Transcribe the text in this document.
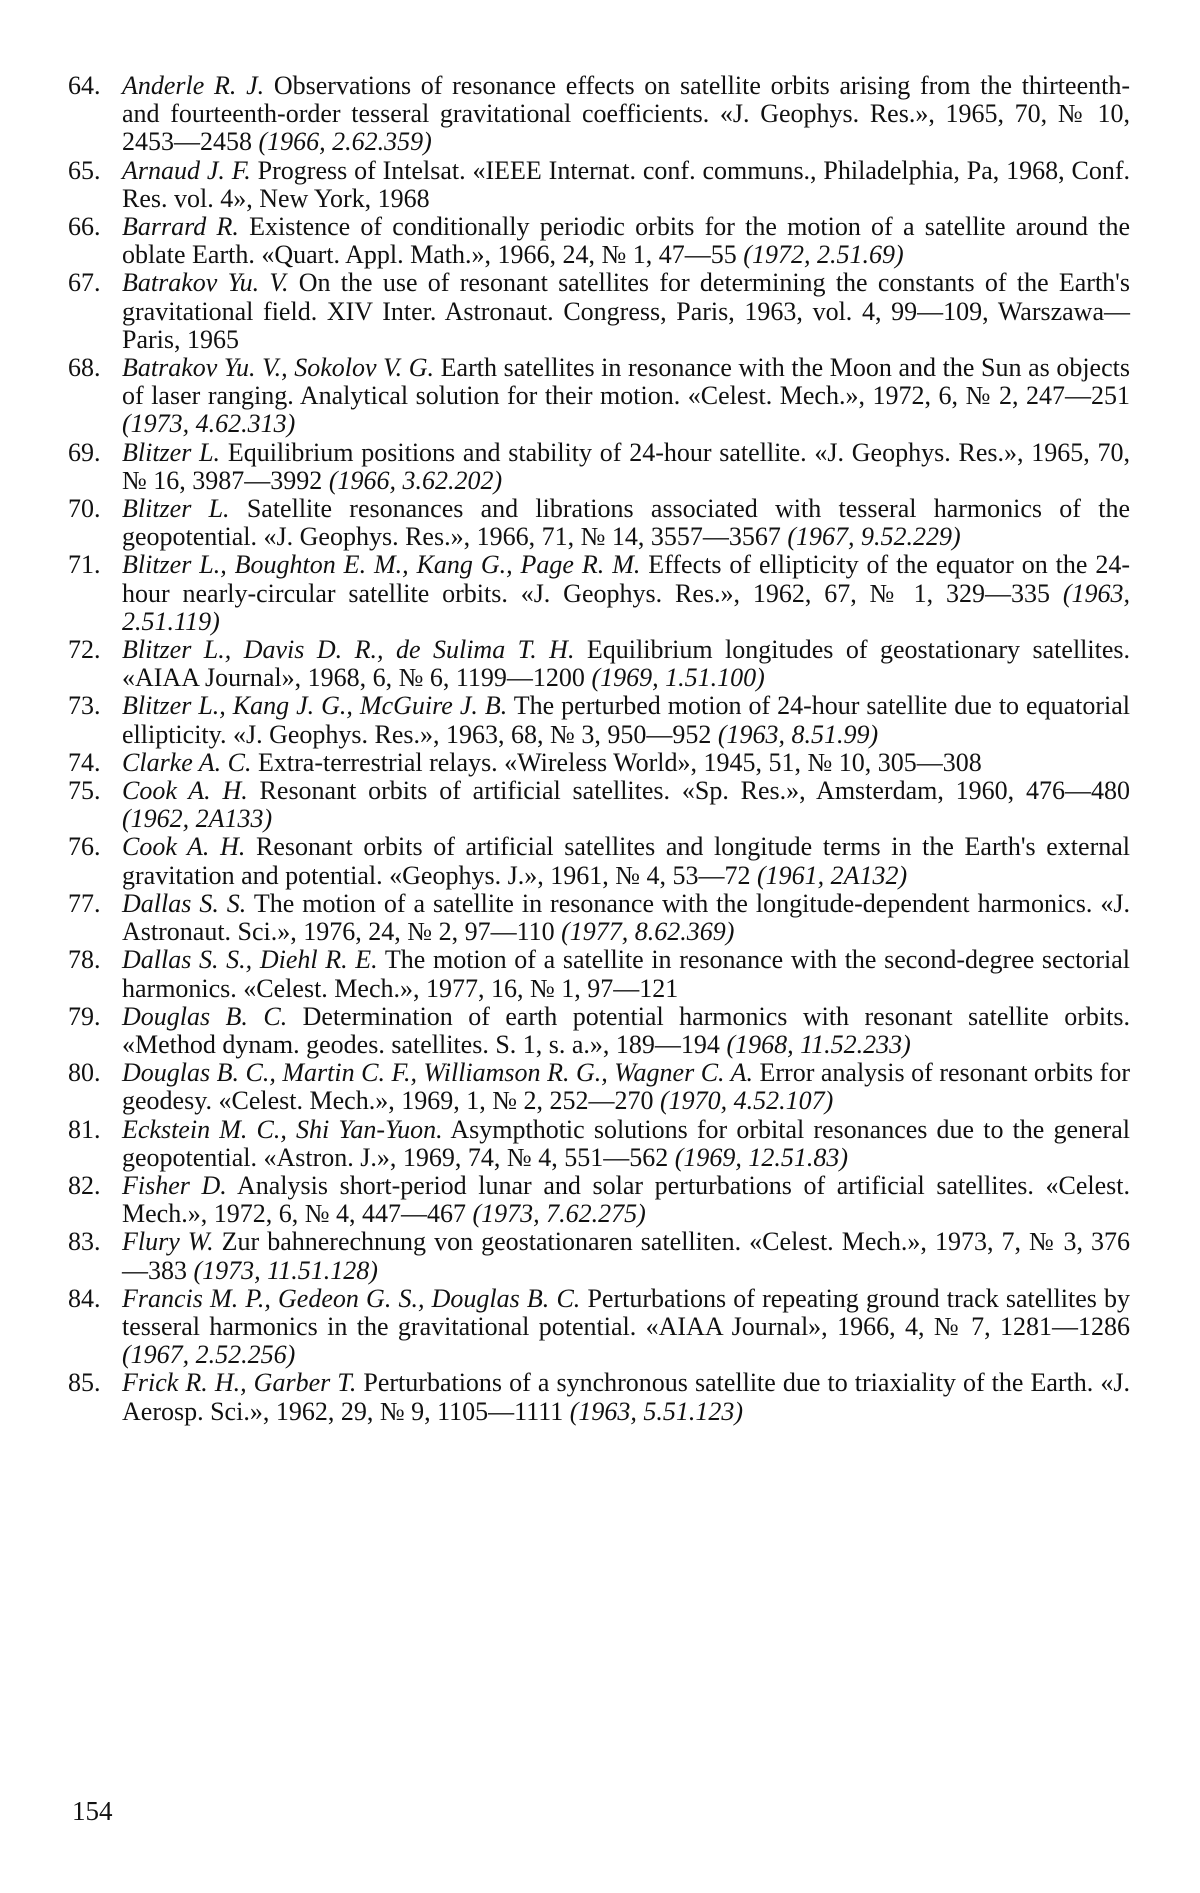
64. Anderle R. J. Observations of resonance effects on satellite orbits arising from the thirteenth- and fourteenth-order tesseral gravitational coefficients. «J. Geophys. Res.», 1965, 70, № 10, 2453—2458 (1966, 2.62.359)

65. Arnaud J. F. Progress of Intelsat. «IEEE Internat. conf. communs., Philadelphia, Pa, 1968, Conf. Res. vol. 4», New York, 1968

66. Barrard R. Existence of conditionally periodic orbits for the motion of a satellite around the oblate Earth. «Quart. Appl. Math.», 1966, 24, № 1, 47—55 (1972, 2.51.69)

67. Batrakov Yu. V. On the use of resonant satellites for determining the constants of the Earth's gravitational field. XIV Inter. Astronaut. Congress, Paris, 1963, vol. 4, 99—109, Warszawa—Paris, 1965

68. Batrakov Yu. V., Sokolov V. G. Earth satellites in resonance with the Moon and the Sun as objects of laser ranging. Analytical solution for their motion. «Celest. Mech.», 1972, 6, № 2, 247—251 (1973, 4.62.313)

69. Blitzer L. Equilibrium positions and stability of 24-hour satellite. «J. Geophys. Res.», 1965, 70, № 16, 3987—3992 (1966, 3.62.202)

70. Blitzer L. Satellite resonances and librations associated with tesseral harmonics of the geopotential. «J. Geophys. Res.», 1966, 71, № 14, 3557—3567 (1967, 9.52.229)

71. Blitzer L., Boughton E. M., Kang G., Page R. M. Effects of ellipticity of the equator on the 24-hour nearly-circular satellite orbits. «J. Geophys. Res.», 1962, 67, № 1, 329—335 (1963, 2.51.119)

72. Blitzer L., Davis D. R., de Sulima T. H. Equilibrium longitudes of geostationary satellites. «AIAA Journal», 1968, 6, № 6, 1199—1200 (1969, 1.51.100)

73. Blitzer L., Kang J. G., McGuire J. B. The perturbed motion of 24-hour satellite due to equatorial ellipticity. «J. Geophys. Res.», 1963, 68, № 3, 950—952 (1963, 8.51.99)

74. Clarke A. C. Extra-terrestrial relays. «Wireless World», 1945, 51, № 10, 305—308

75. Cook A. H. Resonant orbits of artificial satellites. «Sp. Res.», Amsterdam, 1960, 476—480 (1962, 2A133)

76. Cook A. H. Resonant orbits of artificial satellites and longitude terms in the Earth's external gravitation and potential. «Geophys. J.», 1961, № 4, 53—72 (1961, 2A132)

77. Dallas S. S. The motion of a satellite in resonance with the longitude-dependent harmonics. «J. Astronaut. Sci.», 1976, 24, № 2, 97—110 (1977, 8.62.369)

78. Dallas S. S., Diehl R. E. The motion of a satellite in resonance with the second-degree sectorial harmonics. «Celest. Mech.», 1977, 16, № 1, 97—121

79. Douglas B. C. Determination of earth potential harmonics with resonant satellite orbits. «Method dynam. geodes. satellites. S. 1, s. a.», 189—194 (1968, 11.52.233)

80. Douglas B. C., Martin C. F., Williamson R. G., Wagner C. A. Error analysis of resonant orbits for geodesy. «Celest. Mech.», 1969, 1, № 2, 252—270 (1970, 4.52.107)

81. Eckstein M. C., Shi Yan-Yuon. Asympthotic solutions for orbital resonances due to the general geopotential. «Astron. J.», 1969, 74, № 4, 551—562 (1969, 12.51.83)

82. Fisher D. Analysis short-period lunar and solar perturbations of artificial satellites. «Celest. Mech.», 1972, 6, № 4, 447—467 (1973, 7.62.275)

83. Flury W. Zur bahnerechnung von geostationaren satelliten. «Celest. Mech.», 1973, 7, № 3, 376—383 (1973, 11.51.128)

84. Francis M. P., Gedeon G. S., Douglas B. C. Perturbations of repeating ground track satellites by tesseral harmonics in the gravitational potential. «AIAA Journal», 1966, 4, № 7, 1281—1286 (1967, 2.52.256)

85. Frick R. H., Garber T. Perturbations of a synchronous satellite due to triaxiality of the Earth. «J. Aerosp. Sci.», 1962, 29, № 9, 1105—1111 (1963, 5.51.123)

154
